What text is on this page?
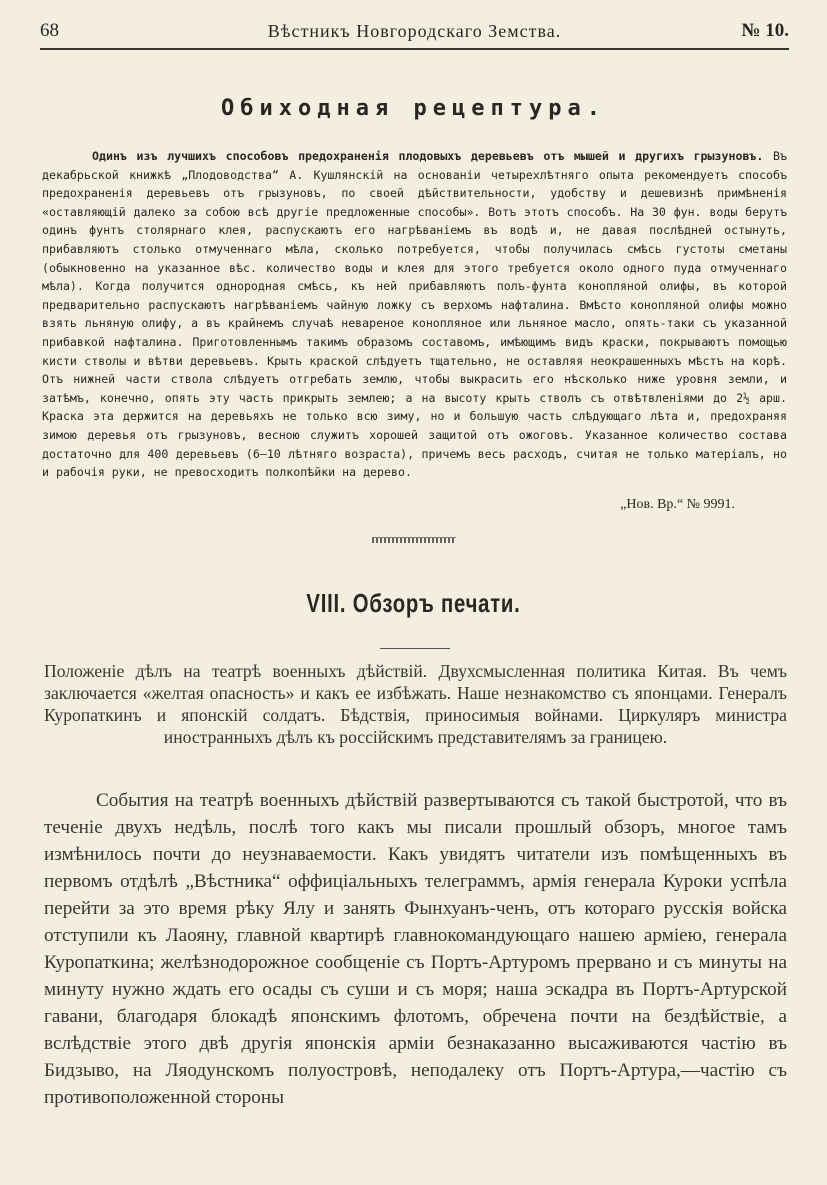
68	Вѣстникъ Новгородскаго Земства.	№ 10.
Обиходная рецептура.
Одинъ изъ лучшихъ способовъ предохраненія плодовыхъ деревьевъ отъ мышей и другихъ грызуновъ. Въ декабрьской книжкѣ „Плодоводства“ А. Кушлянскій на основаніи четырехлѣтняго опыта рекомендуетъ способъ предохраненія деревьевъ отъ грызуновъ, по своей дѣйствительности, удобству и дешевизнѣ примѣненія «оставляющій далеко за собою всѣ другіе предложенные способы». Вотъ этотъ способъ. На 30 фун. воды берутъ одинъ фунтъ столярнаго клея, распускаютъ его нагрѣваніемъ въ водѣ и, не давая послѣдней остынуть, прибавляютъ столько отмученнаго мѣла, сколько потребуется, чтобы получилась смѣсь густоты сметаны (обыкновенно на указанное вѣс. количество воды и клея для этого требуется около одного пуда отмученнаго мѣла). Когда получится однородная смѣсь, къ ней прибавляютъ полъ-фунта конопляной олифы, въ которой предварительно распускаютъ нагрѣваніемъ чайную ложку съ верхомъ нафталина. Вмѣсто конопляной олифы можно взять льняную олифу, а въ крайнемъ случаѣ невареное конопляное или льняное масло, опять-таки съ указанной прибавкой нафталина. Приготовленнымъ такимъ образомъ составомъ, имѣющимъ видъ краски, покрываютъ помощью кисти стволы и вѣтви деревьевъ. Крыть краской слѣдуетъ тщательно, не оставляя неокрашенныхъ мѣстъ на корѣ. Отъ нижней части ствола слѣдуетъ отгребать землю, чтобы выкрасить его нѣсколько ниже уровня земли, и затѣмъ, конечно, опять эту часть прикрыть землею; а на высоту крыть стволъ съ отвѣтвленіями до 2½ арш. Краска эта держится на деревьяхъ не только всю зиму, но и большую часть слѣдующаго лѣта и, предохраняя зимою деревья отъ грызуновъ, весною служитъ хорошей защитой отъ ожоговъ. Указанное количество состава достаточно для 400 деревьевъ (6—10 лѣтняго возраста), причемъ весь расходъ, считая не только матеріалъ, но и рабочія руки, не превосходитъ полкопѣйки на дерево.
„Нов. Вр.“ № 9991.
VIII. Обзоръ печати.
Положеніе дѣлъ на театрѣ военныхъ дѣйствій. Двухсмысленная политика Китая. Въ чемъ заключается «желтая опасность» и какъ ее избѣжать. Наше незнакомство съ японцами. Генералъ Куропаткинъ и японскій солдатъ. Бѣдствія, приносимыя войнами. Циркуляръ министра иностранныхъ дѣлъ къ россійскимъ представителямъ за границею.
События на театрѣ военныхъ дѣйствій развертываются съ такой быстротой, что въ теченіе двухъ недѣль, послѣ того какъ мы писали прошлый обзоръ, многое тамъ измѣнилось почти до неузнаваемости. Какъ увидятъ читатели изъ помѣщенныхъ въ первомъ отдѣлѣ „Вѣстника“ оффиціальныхъ телеграммъ, армія генерала Куроки успѣла перейти за это время рѣку Ялу и занять Фынхуанъ-ченъ, отъ котораго русскія войска отступили къ Лаояну, главной квартирѣ главнокомандующаго нашею арміею, генерала Куропаткина; желѣзнодорожное сообщеніе съ Портъ-Артуромъ прервано и съ минуты на минуту нужно ждать его осады съ суши и съ моря; наша эскадра въ Портъ-Артурской гавани, благодаря блокадѣ японскимъ флотомъ, обречена почти на бездѣйствіе, а вслѣдствіе этого двѣ другія японскія арміи безнаказанно высаживаются частію въ Бидзыво, на Ляодунскомъ полуостровѣ, неподалеку отъ Портъ-Артура,—частію съ противоположенной стороны
